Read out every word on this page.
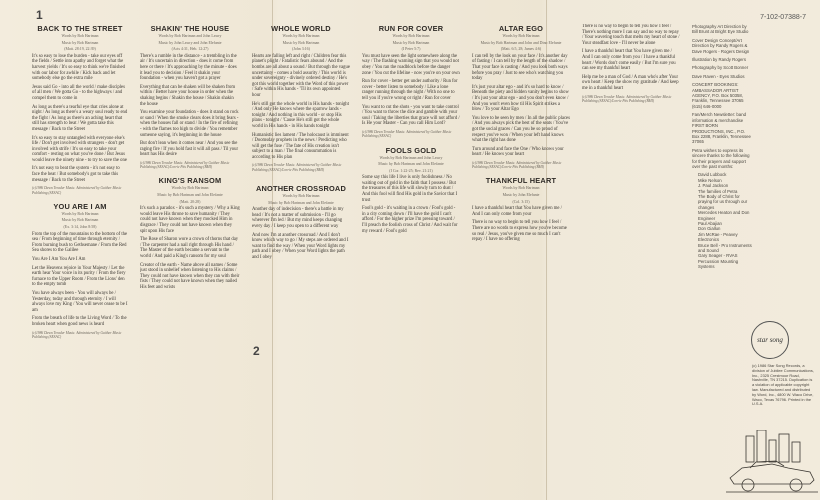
1
2
7-102-07388-7
BACK TO THE STREET
Words by Bob Hartman
Music by Bob Hartman
(Matt. 28:19, 22:39)

It's so easy to lose the burden - take our eyes off the fields / Settle into apathy and forget what the harvest yields / It's so easy to think we're finished with our labor for awhile / Kick back and let somebody else go the extra mile

Jesus said Go - into all the world / make disciples of all men / We gotta Go - to the highways / and compel them to come in

As long as there's a tearful eye that cries alone at night / As long as there's a weary soul ready to end the fight / As long as there's an aching heart that still has strength to beat / We gotta take this message / Back to the Street

It's so easy to stay untangled with everyone else's life / Don't get involved with strangers - don't get involved with strife / It's so easy to take your comfort - resting on what you've done / But Jesus would leave the ninety nine - to try to save the one

It's not easy to beat the system - it's not easy to face the heat / But somebody's got to take this message / Back to the Street

(c)1986 Dawn Treader Music. Administered by Gaither Music Publishing (SESAC)
YOU ARE I AM
Words by Bob Hartman
Music by Bob Hartman
(Ex. 3:14, John 8:58)

From the top of the mountains to the bottom of the sea / From beginning of time through eternity / From burning bush to Gethsemane / From the Red Sea shores to the Galilee

You Are I Am You Are I Am

Let the Heavens rejoice in Your Majesty / Let the earth hear Your voice in its purity / From the fiery furnace to the Upper Room / From the Lions' den to the empty tomb

You have always been - You will always be / Yesterday, today and through eternity / I will always love my King / You will never cease to be I am

From the breath of life to the Living Word / To the broken heart when good news is heard

(c)1986 Dawn Treader Music. Administered by Gaither Music Publishing (SESAC)
SHAKIN' THE HOUSE
Words by Bob Hartman and John Lawry
Music by John Lawry and John Elefante
(Acts 4:31, Heb. 12:27)

There's a rumble in the distance - a trembling in the air / It's uncertain in direction - does it come from here or there / It's approaching by the minute - does it lead you to decision / Feel it shakin your foundation - when you haven't got a prayer

Everything that can be shaken will be shaken from within / Better have your house in order when the shaking begins / Shakin the house / Shakin shakin the house

You examine your foundation - does it stand on rock or sand / When the smoke clears does it bring fears - when the houses fall or stand / In the fire of refining - with the flames too high to divide / You remember someone saying, it's beginning in the house

But don't lean when it comes near / And you see the raging fire / If you hold fast it will all pass / Til your heart has His desire

(c)1986 Dawn Treader Music. Administered by Gaither Music Publishing (SESAC)/Lorrie Pits Publishing (BMI)
KING'S RANSOM
Words by Bob Hartman
Music by Bob Hartman and John Elefante
(Matt. 20:28)

It's such a paradox - it's such a mystery / Why a King would leave His throne to save humanity / They could not have known when they mocked Him in disgrace / They could not have known when they spit upon His face

The Rose of Sharon wore a crown of thorns that day / The carpenter had a nail right through His hand / The Master of the earth became a servant to the world / And paid a King's ransom for my soul

Creator of the earth - Name above all names / Some just stood in unbelief when listening to His claims / They could not have known when they ran with their fists / They could not have known when they nailed His feet and wrists

WHOLE WORLD
Words by Bob Hartman
Music by Bob Hartman
(John 3:16)

Hearts are falling left and right / Children fear this planet's plight / Fatalistic fears abound / And the bombs are all about a sound / But through the vague uncertainty - comes a bold assurity / This world is under sovereignty - divinely ordered destiny / He's got this world together with the Word of this power / Safe within His hands - 'Til its own appointed hour

He's still got the whole world in His hands - tonight / And only He knows where the sparrow lands - tonight / And nothing in this world - or stop His plans - tonight / 'Cause He's still got the whole world in His hands - in His hands tonight

Humanistic lies lament / The holocaust is imminent / Doomsday prophets in the news / Predicting who will get the fuse / The fate of His creation isn't subject to a man / The final consummation is according to His plan

(c)1986 Dawn Treader Music. Administered by Gaither Music Publishing (SESAC)/Lorrie Pits Publishing (BMI)
ANOTHER CROSSROAD
Words by Bob Hartman
Music by Bob Hartman and John Elefante

Another day of indecision - there's a battle in my head / It's not a matter of submission - I'll go wherever I'm led / But my mind keeps changing every day / I keep you open to a different way

And now I'm at another crossroad / And I don't know which way to go / My steps are ordered and I want to find the way / When your Word lights my path and I obey / When your Word lights the path and I obey

RUN FOR COVER
Words by Bob Hartman
Music by Bob Hartman
(I Peter 5:7)

You must have seen the light somewhere along the way / The flashing warning sign that you would not obey / You ran the roadblock before the danger zone / You cut the lifeline - now you're on your own

Run for cover - better get under authority / Run for cover - better listen to somebody / Like a lone ranger running through the night / With no one to tell you if you're wrong or right / Run for cover

You want to cut the shots - you want to take control / You want to throw the dice and gamble with your soul / Taking the liberties that grace will not afford / Is He your Master - Can you call Him Lord?

(c)1986 Dawn Treader Music. Administered by Gaither Music Publishing (SESAC)
FOOLS GOLD
Words by Bob Hartman and John Lawry
Music by Bob Hartman and John Elefante
(I Cor. 1:22-25; Rev. 21:21)

Some say this life I live is only foolishness / No waiting out of gold in the faith that I possess / But the treasures of this life will slowly turn to dust / And this fool will find His gold in the Savior that I trust

Fool's gold - it's waiting in a crown / Fool's gold - in a city coming down / I'll have the gold I can't afford / For the higher prize I'm pressing toward / I'll preach the foolish cross of Christ / And wait for my reward / Fool's gold

ALTAR EGO
Words by Bob Hartman
Music by Bob Hartman and John and Dino Elefante
(Matt. 6:5, 28; James 4:6)

I can tell by the look on your face / It's another day of fasting / I can tell by the length of the shadow / That your face is casting / And you look both ways before you pray / Just to see who's watching you today

It's just your altar ego - and it's so hard to know / Beneath the piety and hidden vanity begins to show / It's just your altar ego - and you don't even know / And you won't even bow til His Spirit strikes a blow / To your Altar Ego

You love to be seen by men / In all the public places / And you always pick the best of the seats / You've got the social graces / Can you be so proud of respect you've won / When your left hand knows what the right has done

Turn around and face the One / Who knows your heart / He knows your heart

(c)1986 Dawn Treader Music. Administered by Gaither Music Publishing (SESAC)/Lorrie Pits Publishing (BMI)
THANKFUL HEART
Words by Bob Hartman
Music by John Elefante
(Col. 3:15)

I have a thankful heart that You have given me / And I can only come from your

There is no way to begin to tell you how I feel / There are no words to express how you've become so real / Jesus, you've given me so much I can't repay / I have no offering

There is no way to begin to tell you how I feel / There's nothing more I can say and no way to repay / Your wavering touch that melts my heart of stone / Your steadfast love - I'll never be alone

I have a thankful heart that You have given me / And I can only come from you / I have a thankful heart / Words don't come easily / But I'm sure you can see my thankful heart

Help me be a man of God / A man who's after Your own heart / Keep the show my gratitude / And keep me in a thankful heart

(c)1986 Dawn Treader Music. Administered by Gaither Music Publishing (SESAC)/Lorrie Pits Publishing (BMI)

Photography Art Direction by Bill Brunt at Bright Eye Studio

Cover Design Concept/Art Direction by Randy Rogers & Dave Rogers - Rogers Design

Illustration by Randy Rogers

Photography by Scott Bonner

Dave Raven - Eyes Studios

CONCERT BOOKINGS: AMBASSADOR ARTIST AGENCY, P.O. Box 50358, Franklin, Tennessee 37065 (615) 646-0000

Fan/Merch Newsletter: band information & merchandise FIRST BORN PRODUCTIONS, INC., P.O. Box 2288, Franklin, Tennessee 37065

Petra wishes to express its sincere thanks to the following for their prayers and support over the past months:

David Lubbock
Mike Nelson
J. Paul Jackson
The families of Petra
The Body of Christ for praying for us through our changes
Mercedes Heaton and Don Engineer
Paul Abajian
Don Giallun
Jim McRae - Peavey Electronics
Bruce Bell - Pro Instruments and Sound
Gary Seager - RVAS Percussion Mounting Systems
star song
(c) 1986 Star Song Records, a division of Jubilee Communications, Inc., 2325 Crestmoor Road, Nashville, TN 37215. Duplication is a violation of applicable copyright law. Manufactured and distributed by Word, Inc., 4800 W. Waco Drive, Waco, Texas 76796. Printed in the U.S.A.
